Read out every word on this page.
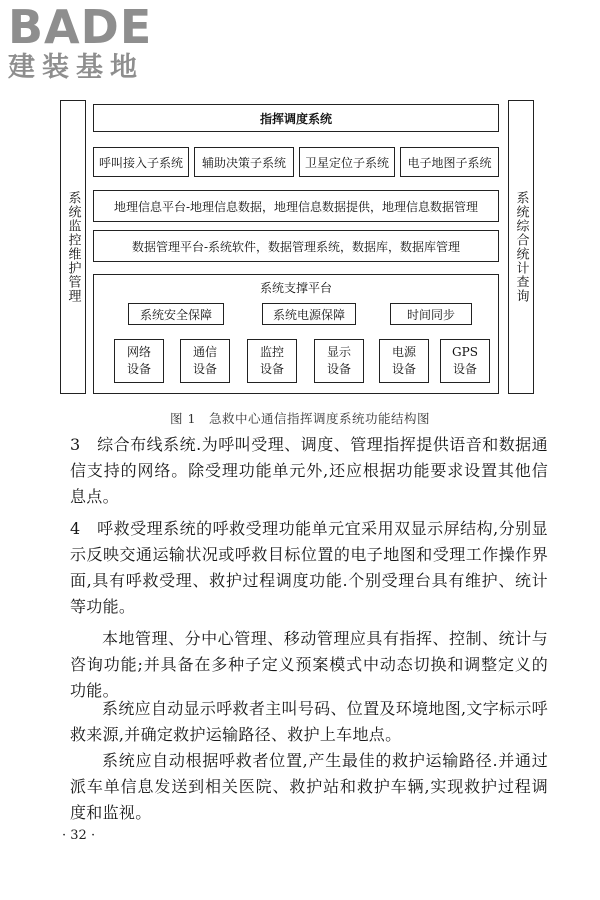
BADE
建装基地
系统监控维护管理	系统综合统计查询
指挥调度系统
呼叫接入子系统	辅助决策子系统	卫星定位子系统	电子地图子系统
地理信息平台-地理信息数据，地理信息数据提供，地理信息数据管理
数据管理平台-系统软件，数据管理系统，数据库，数据库管理
系统支撑平台
系统安全保障	系统电源保障	时间同步
网络设备
通信设备
监控设备
显示设备
电源设备
GPS设备
图 1　急救中心通信指挥调度系统功能结构图

3　综合布线系统.为呼叫受理、调度、管理指挥提供语音和数据通信支持的网络。除受理功能单元外,还应根据功能要求设置其他信息点。

4　呼救受理系统的呼救受理功能单元宜采用双显示屏结构,分别显示反映交通运输状况或呼救目标位置的电子地图和受理工作操作界面,具有呼救受理、救护过程调度功能.个别受理台具有维护、统计等功能。

本地管理、分中心管理、移动管理应具有指挥、控制、统计与咨询功能;并具备在多种子定义预案模式中动态切换和调整定义的功能。

系统应自动显示呼救者主叫号码、位置及环境地图,文字标示呼救来源,并确定救护运输路径、救护上车地点。

系统应自动根据呼救者位置,产生最佳的救护运输路径.并通过派车单信息发送到相关医院、救护站和救护车辆,实现救护过程调度和监视。

· 32 ·
